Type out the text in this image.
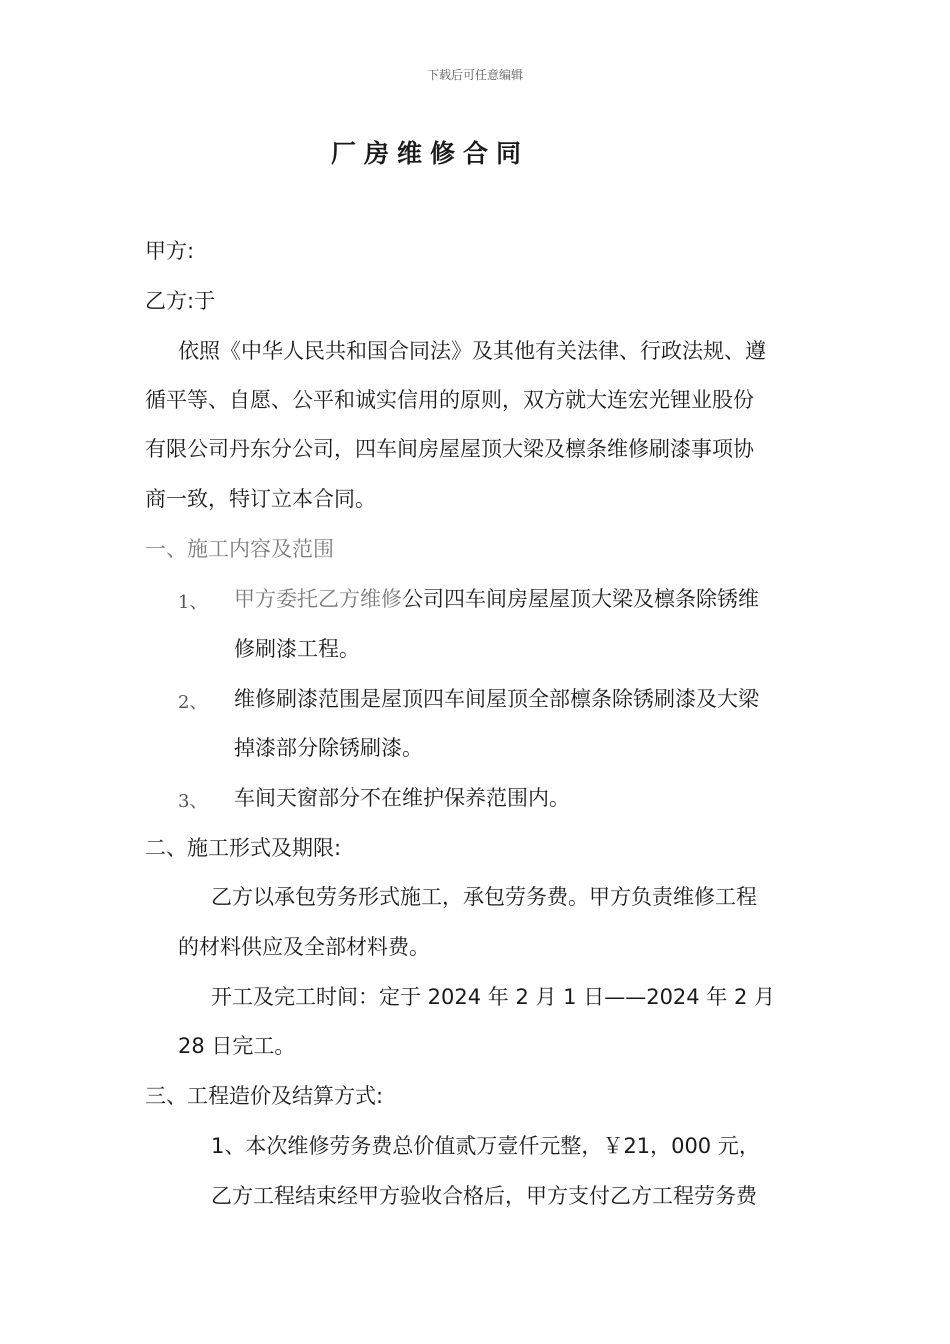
下载后可任意编辑
厂房维修合同
甲方:
乙方:于
依照《中华人民共和国合同法》及其他有关法律、行政法规、遵
循平等、自愿、公平和诚实信用的原则，双方就大连宏光锂业股份
有限公司丹东分公司，四车间房屋屋顶大梁及檩条维修刷漆事项协
商一致，特订立本合同。
一、施工内容及范围
1、 甲方委托乙方维修公司四车间房屋屋顶大梁及檩条除锈维
修刷漆工程。
2、 维修刷漆范围是屋顶四车间屋顶全部檩条除锈刷漆及大梁
掉漆部分除锈刷漆。
3、 车间天窗部分不在维护保养范围内。
二、施工形式及期限:
乙方以承包劳务形式施工，承包劳务费。甲方负责维修工程
的材料供应及全部材料费。
开工及完工时间：定于 2024 年 2 月 1 日——2024 年 2 月
28 日完工。
三、工程造价及结算方式:
1、本次维修劳务费总价值贰万壹仟元整，￥21，000 元，
乙方工程结束经甲方验收合格后，甲方支付乙方工程劳务费
